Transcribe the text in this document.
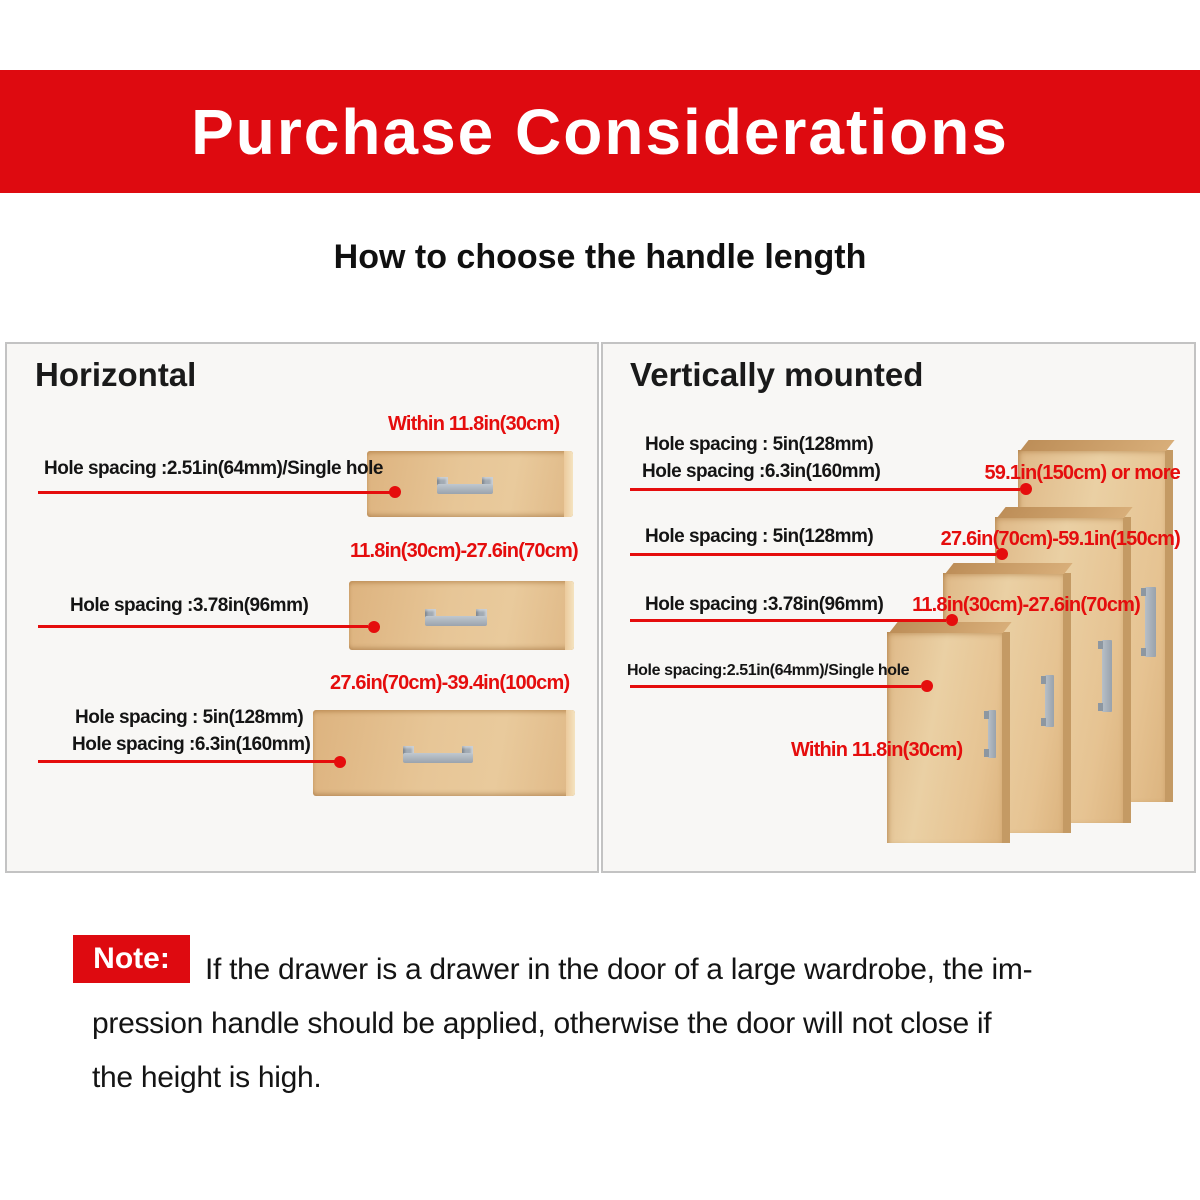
Purchase Considerations
How to choose the handle length
Horizontal
Within 11.8in(30cm)
Hole spacing :2.51in(64mm)/Single hole
11.8in(30cm)-27.6in(70cm)
Hole spacing :3.78in(96mm)
27.6in(70cm)-39.4in(100cm)
Hole spacing : 5in(128mm)
Hole spacing :6.3in(160mm)
Vertically mounted
Hole spacing : 5in(128mm)
Hole spacing :6.3in(160mm)	59.1in(150cm) or more
Hole spacing : 5in(128mm)	27.6in(70cm)-59.1in(150cm)
Hole spacing :3.78in(96mm) 11.8in(30cm)-27.6in(70cm)
Hole spacing:2.51in(64mm)/Single hole
Within 11.8in(30cm)
Note: If the drawer is a drawer in the door of a large wardrobe, the im-

pression handle should be applied, otherwise the door will not close if

the height is high.
